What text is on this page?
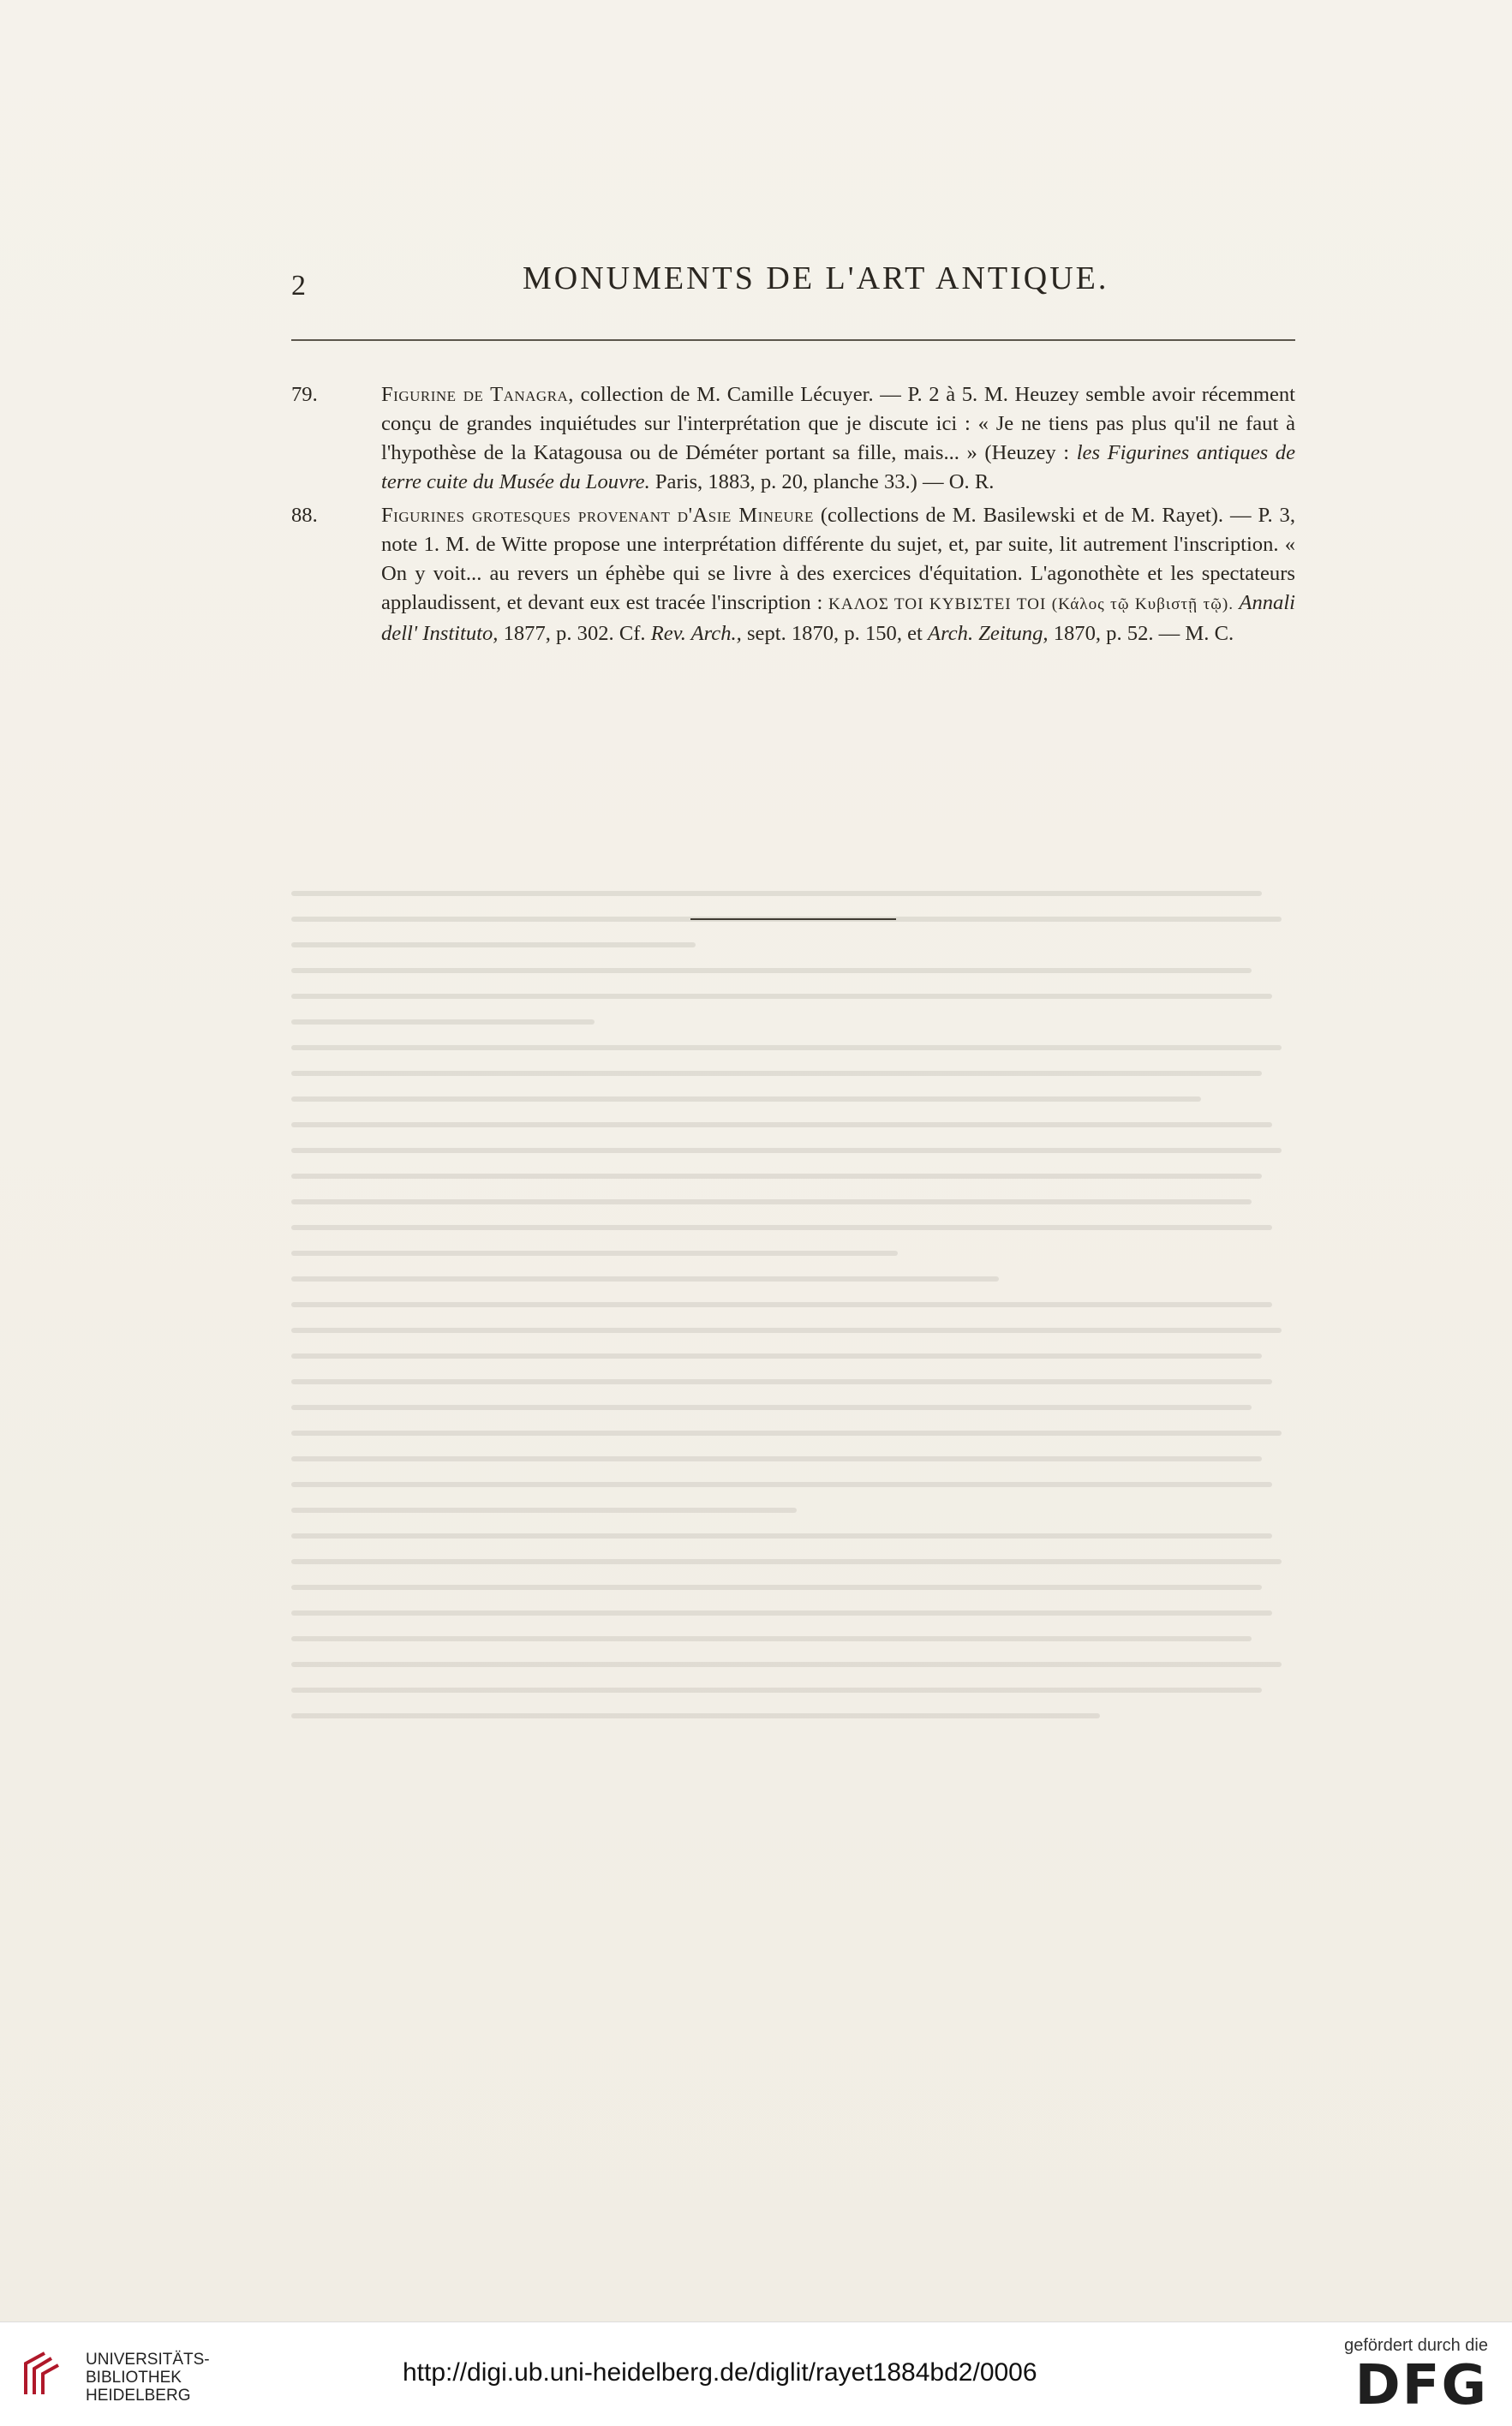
2	MONUMENTS DE L'ART ANTIQUE.
79.	Figurine de Tanagra, collection de M. Camille Lécuyer. — P. 2 à 5. M. Heuzey semble avoir récemment conçu de grandes inquiétudes sur l'interprétation que je discute ici : « Je ne tiens pas plus qu'il ne faut à l'hypothèse de la Katagousa ou de Déméter portant sa fille, mais... » (Heuzey : les Figurines antiques de terre cuite du Musée du Louvre. Paris, 1883, p. 20, planche 33.) — O. R.
88.	Figurines grotesques provenant d'Asie Mineure (collections de M. Basilewski et de M. Rayet). — P. 3, note 1. M. de Witte propose une interprétation différente du sujet, et, par suite, lit autrement l'inscription. « On y voit... au revers un éphèbe qui se livre à des exercices d'équitation. L'agonothète et les spectateurs applaudissent, et devant eux est tracée l'inscription : ΚΑΛΟΣ ΤΟΙ ΚΥΒΙΣΤΕΙ ΤΟΙ (Κάλος τῷ Κυβιστῇ τῷ). Annali dell' Instituto, 1877, p. 302. Cf. Rev. Arch., sept. 1870, p. 150, et Arch. Zeitung, 1870, p. 52. — M. C.
UNIVERSITÄTS-
BIBLIOTHEK
HEIDELBERG
http://digi.ub.uni-heidelberg.de/diglit/rayet1884bd2/0006
gefördert durch die
DFG
